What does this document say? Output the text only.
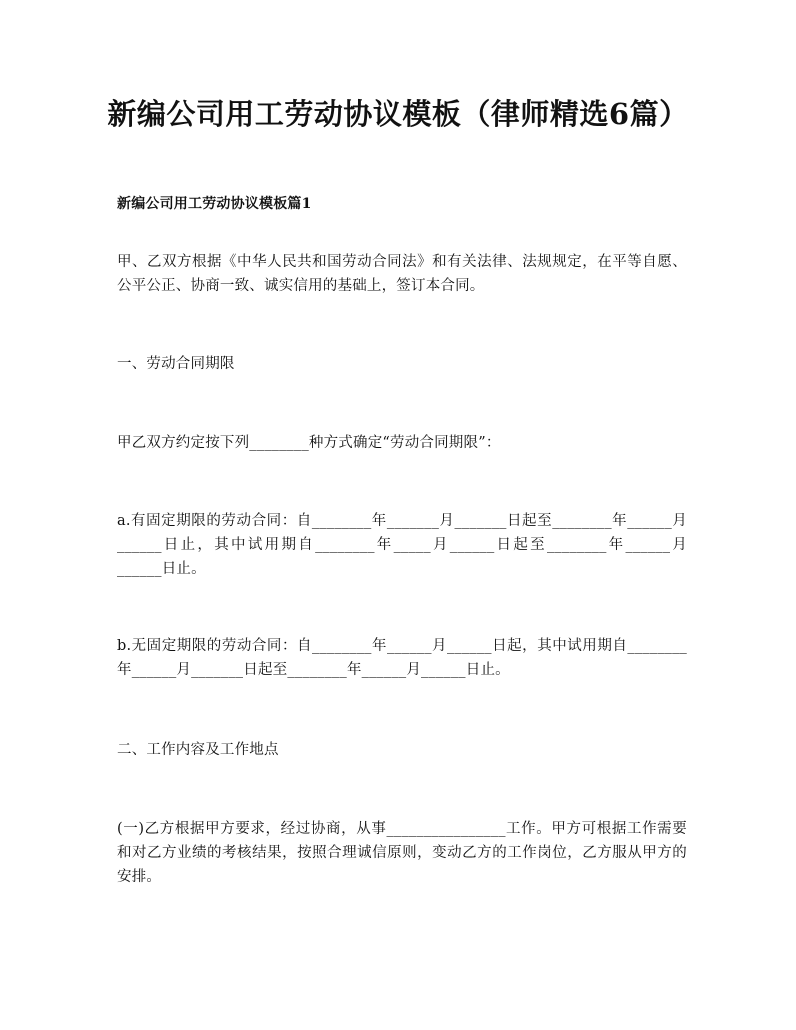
新编公司用工劳动协议模板（律师精选6篇）
新编公司用工劳动协议模板篇1
甲、乙双方根据《中华人民共和国劳动合同法》和有关法律、法规规定，在平等自愿、公平公正、协商一致、诚实信用的基础上，签订本合同。
一、劳动合同期限
甲乙双方约定按下列________种方式确定“劳动合同期限”：
a.有固定期限的劳动合同：自________年_______月_______日起至________年______月______日止，其中试用期自________年_____月______日起至________年______月______日止。
b.无固定期限的劳动合同：自________年______月______日起，其中试用期自________年______月_______日起至________年______月______日止。
二、工作内容及工作地点
(一)乙方根据甲方要求，经过协商，从事________________工作。甲方可根据工作需要和对乙方业绩的考核结果，按照合理诚信原则，变动乙方的工作岗位，乙方服从甲方的安排。
